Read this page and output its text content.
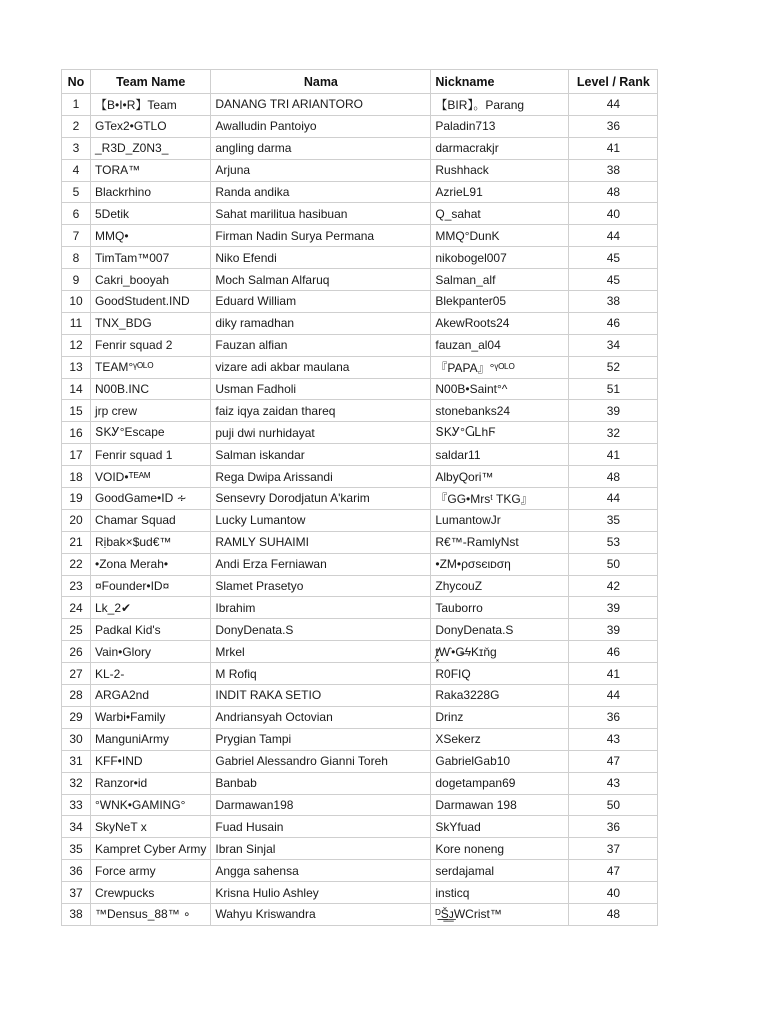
No	Team Name	Nama	Nickname	Level / Rank
1	【B•I•R】Team	DANANG TRI ARIANTORO	【BIR】。Parang	44
2	GTex2•GTLO	Awalludin Pantoiyo	Paladin713	36
3	_R3D_Z0N3_	angling darma	darmacrakjr	41
4	TORA™	Arjuna	Rushhack	38
5	Blackrhino	Randa andika	AzrieL91	48
6	5Detik	Sahat marilitua hasibuan	Q_sahat	40
7	MMQ•	Firman Nadin Surya Permana	MMQ°DunK	44
8	TimTam™007	Niko Efendi	nikobogel007	45
9	Cakri_booyah	Moch Salman Alfaruq	Salman_alf	45
10	GoodStudent.IND	Eduard William	Blekpanter05	38
11	TNX_BDG	diky ramadhan	AkewRoots24	46
12	Fenrir squad 2	Fauzan alfian	fauzan_al04	34
13	TEAM°ᵞᴼᴸᴼ	vizare adi akbar maulana	『PAPA』°ᵞᴼᴸᴼ	52
14	N00B.INC	Usman Fadholi	N00B•Saint°^	51
15	jrp crew	faiz iqya zaidan thareq	stonebanks24	39
16	ՏKᎩ°Escape	puji dwi nurhidayat	ՏKᎩ°ႺᏞhϜ	32
17	Fenrir squad 1	Salman iskandar	saldar11	41
18	VOID•ᵀᴱᴬᴹ	Rega Dwipa Arissandi	AlbyQori™	48
19	GoodGame•ID ∻	Sensevry Dorodjatun A'karim	『GG•Mrsᵗ TKG』	44
20	Chamar Squad	Lucky Lumantow	LumantowJr	35
21	Rịbak×$ud€™	RAMLY SUHAIMI	R€™-RamlyNst	53
22	•Zona Merah•	Andi Erza Ferniawan	•ZM•ρσѕєιᴅση	50
23	¤Founder•ID¤	Slamet Prasetyo	ZhycouZ	42
24	Lk_2✔	Ibrahim	Tauborro	39
25	Padkal Kid's	DonyDenata.S	DonyDenata.S	39
26	Vain•Glory	Mrkel	ⱦ͓Ⱳ•Ǥ̶ϟKɪňg	46
27	KL-2-	M Rofiq	R0FIQ	41
28	ARGA2nd	INDIT RAKA SETIO	Raka3228G	44
29	Warbi•Family	Andriansyah Octovian	Drinz	36
30	ManguniArmy	Prygian Tampi	XSekerz	43
31	KFF•IND	Gabriel Alessandro Gianni Toreh	GabrielGab10	47
32	Ranzor•id	Banbab	dogetampan69	43
33	°WNK•GAMING°	Darmawan198	Darmawan 198	50
34	SkyNeT x	Fuad Husain	SkYfuad	36
35	Kampret Cyber Army	Ibran Sinjal	Kore noneng	37
36	Force army	Angga sahensa	serdajamal	47
37	Crewpucks	Krisna Hulio Ashley	insticq	40
38	™Densus_88™ ∘	Wahyu Kriswandra	ᴰ͟͟Š͟͟ᴊWCrist™	48
